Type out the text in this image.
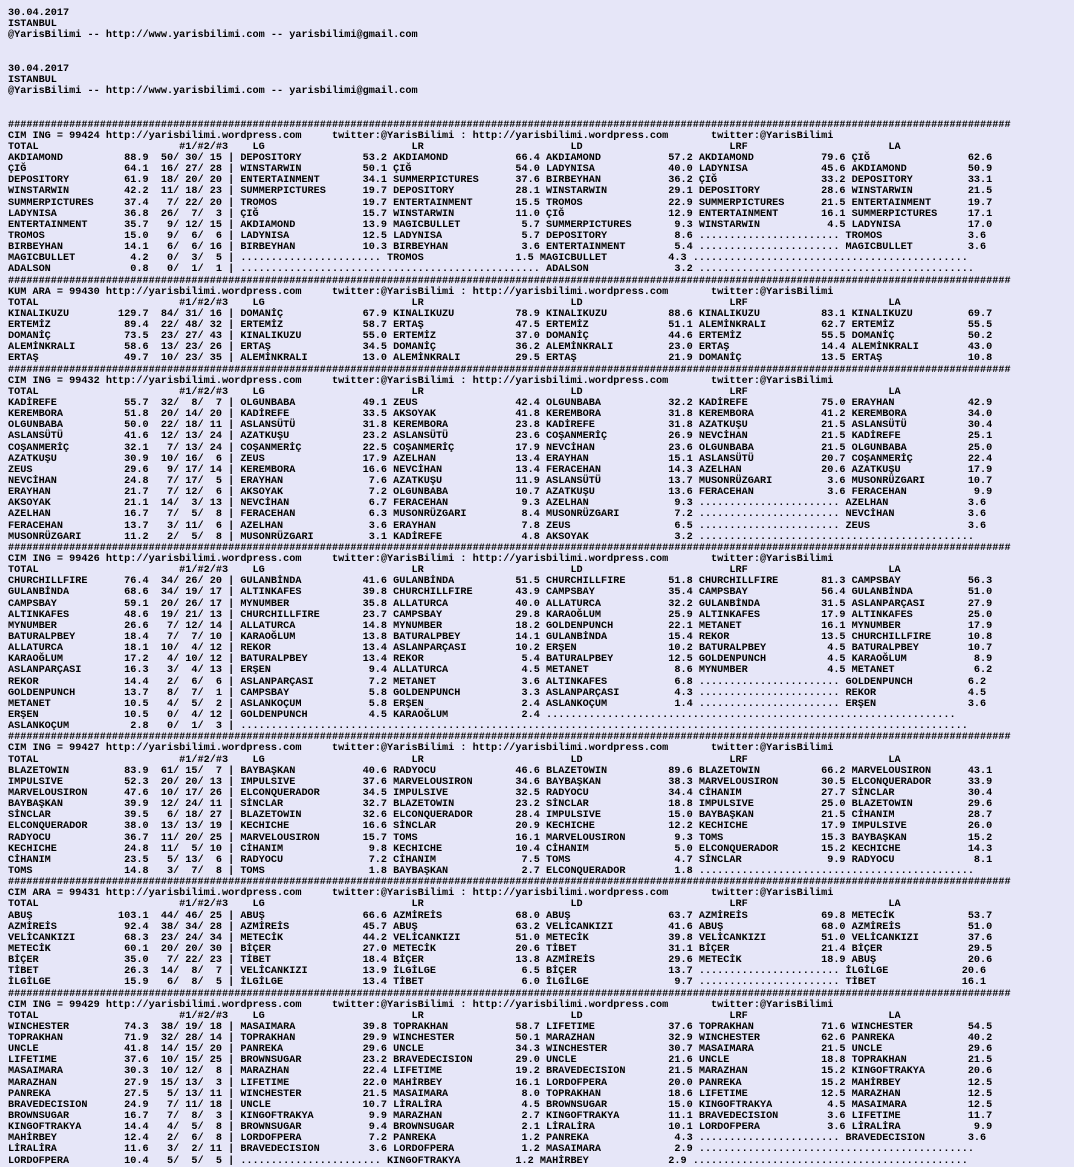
30.04.2017
ISTANBUL
@YarisBilimi -- http://www.yarisbilimi.com -- yarisbilimi@gmail.com
30.04.2017
ISTANBUL
@YarisBilimi -- http://www.yarisbilimi.com -- yarisbilimi@gmail.com
####################################################################################################################################################################
CIM ING = 99424 http://yarisbilimi.wordpress.com     twitter:@YarisBilimi : http://yarisbilimi.wordpress.com       twitter:@YarisBilimi
TOTAL                       #1/#2/#3    LG                        LR                        LD                        LRF                       LA
AKDIAMOND          88.9  50/ 30/ 15 | DEPOSITORY          53.2 AKDIAMOND           66.4 AKDIAMOND           57.2 AKDIAMOND           79.6 ÇIĞ                62.6
ÇIĞ                64.1  16/ 27/ 28 | WINSTARWIN          50.1 ÇIĞ                 54.0 LADYNISA            40.0 LADYNISA            45.6 AKDIAMOND          50.9
DEPOSITORY         61.9  18/ 20/ 20 | ENTERTAINMENT       34.1 SUMMERPICTURES      37.6 BIRBEYHAN           36.2 ÇIĞ                 33.2 DEPOSITORY         33.1
WINSTARWIN         42.2  11/ 18/ 23 | SUMMERPICTURES      19.7 DEPOSITORY          28.1 WINSTARWIN          29.1 DEPOSITORY          28.6 WINSTARWIN         21.5
SUMMERPICTURES     37.4   7/ 22/ 20 | TROMOS              19.7 ENTERTAINMENT       15.5 TROMOS              22.9 SUMMERPICTURES      21.5 ENTERTAINMENT      19.7
LADYNISA           36.8  26/  7/  3 | ÇIĞ                 15.7 WINSTARWIN          11.0 ÇIĞ                 12.9 ENTERTAINMENT       16.1 SUMMERPICTURES     17.1
ENTERTAINMENT      35.7   9/ 12/ 15 | AKDIAMOND           13.9 MAGICBULLET          5.7 SUMMERPICTURES       9.3 WINSTARWIN           4.5 LADYNISA           17.0
TROMOS             15.0   9/  6/  6 | LADYNISA            12.5 LADYNISA             5.7 DEPOSITORY           8.6 ....................... TROMOS              3.6
BIRBEYHAN          14.1   6/  6/ 16 | BIRBEYHAN           10.3 BIRBEYHAN            3.6 ENTERTAINMENT        5.4 ....................... MAGICBULLET         3.6
MAGICBULLET         4.2   0/  3/  5 | ....................... TROMOS               1.5 MAGICBULLET          4.3 .............................................
ADALSON             0.8   0/  1/  1 | ................................................. ADALSON              3.2 .............................................
####################################################################################################################################################################
KUM ARA = 99430 http://yarisbilimi.wordpress.com     twitter:@YarisBilimi : http://yarisbilimi.wordpress.com       twitter:@YarisBilimi
TOTAL                       #1/#2/#3    LG                        LR                        LD                        LRF                       LA
KINALIKUZU        129.7  84/ 31/ 16 | DOMANİÇ             67.9 KINALIKUZU          78.9 KINALIKUZU          88.6 KINALIKUZU          83.1 KINALIKUZU         69.7
ERTEMİZ            89.4  22/ 48/ 32 | ERTEMİZ             58.7 ERTAŞ               47.5 ERTEMİZ             51.1 ALEMİNKRALI         62.7 ERTEMİZ            55.5
DOMANİÇ            73.5  23/ 27/ 43 | KINALIKUZU          55.0 ERTEMİZ             37.0 DOMANİÇ             44.6 ERTEMİZ             55.5 DOMANİÇ            50.2
ALEMİNKRALI        58.6  13/ 23/ 26 | ERTAŞ               34.5 DOMANİÇ             36.2 ALEMİNKRALI         23.0 ERTAŞ               14.4 ALEMİNKRALI        43.0
ERTAŞ              49.7  10/ 23/ 35 | ALEMİNKRALI         13.0 ALEMİNKRALI         29.5 ERTAŞ               21.9 DOMANİÇ             13.5 ERTAŞ              10.8
####################################################################################################################################################################
CIM ING = 99432 http://yarisbilimi.wordpress.com     twitter:@YarisBilimi : http://yarisbilimi.wordpress.com       twitter:@YarisBilimi
TOTAL                       #1/#2/#3    LG                        LR                        LD                        LRF                       LA
KADİREFE           55.7  32/  8/  7 | OLGUNBABA           49.1 ZEUS                42.4 OLGUNBABA           32.2 KADİREFE            75.0 ERAYHAN            42.9
KEREMBORA          51.8  20/ 14/ 20 | KADİREFE            33.5 AKSOYAK             41.8 KEREMBORA           31.8 KEREMBORA           41.2 KEREMBORA          34.0
OLGUNBABA          50.0  22/ 18/ 11 | ASLANSÜTÜ           31.8 KEREMBORA           23.8 KADİREFE            31.8 AZATKUŞU            21.5 ASLANSÜTÜ          30.4
ASLANSÜTÜ          41.6  12/ 13/ 24 | AZATKUŞU            23.2 ASLANSÜTÜ           23.6 COŞANMERİÇ          26.9 NEVCİHAN            21.5 KADİREFE           25.1
COŞANMERİÇ         32.1   7/ 13/ 24 | COŞANMERİÇ          22.5 COŞANMERİÇ          17.9 NEVCİHAN            23.6 OLGUNBABA           21.5 OLGUNBABA          25.0
AZATKUŞU           30.9  10/ 16/  6 | ZEUS                17.9 AZELHAN             13.4 ERAYHAN             15.1 ASLANSÜTÜ           20.7 COŞANMERİÇ         22.4
ZEUS               29.6   9/ 17/ 14 | KEREMBORA           16.6 NEVCİHAN            13.4 FERACEHAN           14.3 AZELHAN             20.6 AZATKUŞU           17.9
NEVCİHAN           24.8   7/ 17/  5 | ERAYHAN              7.6 AZATKUŞU            11.9 ASLANSÜTÜ           13.7 MUSONRÜZGARI         3.6 MUSONRÜZGARI       10.7
ERAYHAN            21.7   7/ 12/  6 | AKSOYAK              7.2 OLGUNBABA           10.7 AZATKUŞU            13.6 FERACEHAN            3.6 FERACEHAN           9.9
AKSOYAK            21.1  14/  3/ 13 | NEVCİHAN             6.7 FERACEHAN            9.3 AZELHAN              9.3 ....................... AZELHAN             3.6
AZELHAN            16.7   7/  5/  8 | FERACEHAN            6.3 MUSONRÜZGARI         8.4 MUSONRÜZGARI         7.2 ....................... NEVCİHAN            3.6
FERACEHAN          13.7   3/ 11/  6 | AZELHAN              3.6 ERAYHAN              7.8 ZEUS                 6.5 ....................... ZEUS                3.6
MUSONRÜZGARI       11.2   2/  5/  8 | MUSONRÜZGARI         3.1 KADİREFE             4.8 AKSOYAK              3.2 .............................................
####################################################################################################################################################################
CIM ING = 99426 http://yarisbilimi.wordpress.com     twitter:@YarisBilimi : http://yarisbilimi.wordpress.com       twitter:@YarisBilimi
TOTAL                       #1/#2/#3    LG                        LR                        LD                        LRF                       LA
CHURCHILLFIRE      76.4  34/ 26/ 20 | GULANBİNDA          41.6 GULANBİNDA          51.5 CHURCHILLFIRE       51.8 CHURCHILLFIRE       81.3 CAMPSBAY           56.3
GULANBİNDA         68.6  34/ 19/ 17 | ALTINKAFES          39.8 CHURCHILLFIRE       43.9 CAMPSBAY            35.4 CAMPSBAY            56.4 GULANBİNDA         51.0
CAMPSBAY           59.1  20/ 26/ 17 | MYNUMBER            35.8 ALLATURCA           40.0 ALLATURCA           32.2 GULANBİNDA          31.5 ASLANPARÇASI       27.9
ALTINKAFES         48.6  19/ 21/ 13 | CHURCHILLFIRE       23.7 CAMPSBAY            29.8 KARAOĞLUM           25.9 ALTINKAFES          17.9 ALTINKAFES         25.0
MYNUMBER           26.6   7/ 12/ 14 | ALLATURCA           14.8 MYNUMBER            18.2 GOLDENPUNCH         22.1 METANET             16.1 MYNUMBER           17.9
BATURALPBEY        18.4   7/  7/ 10 | KARAOĞLUM           13.8 BATURALPBEY         14.1 GULANBİNDA          15.4 REKOR               13.5 CHURCHILLFIRE      10.8
ALLATURCA          18.1  10/  4/ 12 | REKOR               13.4 ASLANPARÇASI        10.2 ERŞEN               10.2 BATURALPBEY          4.5 BATURALPBEY        10.7
KARAOĞLUM          17.2   4/ 10/ 12 | BATURALPBEY         13.4 REKOR                5.4 BATURALPBEY         12.5 GOLDENPUNCH          4.5 KARAOĞLUM           8.9
ASLANPARÇASI       16.3   3/  4/ 13 | ERŞEN                9.4 ALLATURCA            4.5 METANET              8.6 MYNUMBER             4.5 METANET             6.2
REKOR              14.4   2/  6/  6 | ASLANPARÇASI         7.2 METANET              3.6 ALTINKAFES           6.8 ....................... GOLDENPUNCH         6.2
GOLDENPUNCH        13.7   8/  7/  1 | CAMPSBAY             5.8 GOLDENPUNCH          3.3 ASLANPARÇASI         4.3 ....................... REKOR               4.5
METANET            10.5   4/  5/  2 | ASLANKOÇUM           5.8 ERŞEN                2.4 ASLANKOÇUM           1.4 ....................... ERŞEN               3.6
ERŞEN              10.5   0/  4/ 12 | GOLDENPUNCH          4.5 KARAOĞLUM            2.4 ...................................................................
ASLANKOÇUM          2.8   0/  1/  3 | .......................................................................................................................
####################################################################################################################################################################
CIM ING = 99427 http://yarisbilimi.wordpress.com     twitter:@YarisBilimi : http://yarisbilimi.wordpress.com       twitter:@YarisBilimi
TOTAL                       #1/#2/#3    LG                        LR                        LD                        LRF                       LA
BLAZETOWIN         83.9  61/ 15/  7 | BAYBAŞKAN           40.6 RADYOCU             46.6 BLAZETOWIN          89.6 BLAZETOWIN          66.2 MARVELOUSIRON      43.1
IMPULSIVE          52.3  20/ 20/ 13 | IMPULSIVE           37.6 MARVELOUSIRON       34.6 BAYBAŞKAN           38.3 MARVELOUSIRON       30.5 ELCONQUERADOR      33.9
MARVELOUSIRON      47.6  10/ 17/ 26 | ELCONQUERADOR       34.5 IMPULSIVE           32.5 RADYOCU             34.4 CİHANIM             27.7 SİNCLAR            30.4
BAYBAŞKAN          39.9  12/ 24/ 11 | SİNCLAR             32.7 BLAZETOWIN          23.2 SİNCLAR             18.8 IMPULSIVE           25.0 BLAZETOWIN         29.6
SİNCLAR            39.5   6/ 18/ 27 | BLAZETOWIN          32.6 ELCONQUERADOR       28.4 IMPULSIVE           15.0 BAYBAŞKAN           21.5 CİHANIM            28.7
ELCONQUERADOR      38.0  13/ 13/ 19 | KECHICHE            16.6 SİNCLAR             20.9 KECHICHE            12.2 KECHICHE            17.9 IMPULSIVE          26.0
RADYOCU            36.7  11/ 20/ 25 | MARVELOUSIRON       15.7 TOMS                16.1 MARVELOUSIRON        9.3 TOMS                15.3 BAYBAŞKAN          15.2
KECHICHE           24.8  11/  5/ 10 | CİHANIM              9.8 KECHICHE            10.4 CİHANIM              5.0 ELCONQUERADOR       15.2 KECHICHE           14.3
CİHANIM            23.5   5/ 13/  6 | RADYOCU              7.2 CİHANIM              7.5 TOMS                 4.7 SİNCLAR              9.9 RADYOCU             8.1
TOMS               14.8   3/  7/  8 | TOMS                 1.8 BAYBAŞKAN            2.7 ELCONQUERADOR        1.8 .............................................
####################################################################################################################################################################
CIM ARA = 99431 http://yarisbilimi.wordpress.com     twitter:@YarisBilimi : http://yarisbilimi.wordpress.com       twitter:@YarisBilimi
TOTAL                       #1/#2/#3    LG                        LR                        LD                        LRF                       LA
ABUŞ              103.1  44/ 46/ 25 | ABUŞ                66.6 AZMİREİS            68.0 ABUŞ                63.7 AZMİREİS            69.8 METECİK            53.7
AZMİREİS           92.4  38/ 34/ 28 | AZMİREİS            45.7 ABUŞ                63.2 VELİCANKIZI         41.6 ABUŞ                68.0 AZMİREİS           51.0
VELİCANKIZI        68.3  23/ 24/ 34 | METECİK             44.2 VELİCANKIZI         51.0 METECİK             39.8 VELİCANKIZI         51.0 VELİCANKIZI        37.6
METECİK            60.1  20/ 20/ 30 | BİÇER               27.0 METECİK             20.6 TİBET               31.1 BİÇER               21.4 BİÇER              29.5
BİÇER              35.0   7/ 22/ 23 | TİBET               18.4 BİÇER               13.8 AZMİREİS            29.6 METECİK             18.9 ABUŞ               20.6
TİBET              26.3  14/  8/  7 | VELİCANKIZI         13.9 İLGİLGE              6.5 BİÇER               13.7 ....................... İLGİLGE            20.6
İLGİLGE            15.9   6/  8/  5 | İLGİLGE             13.4 TİBET                6.0 İLGİLGE              9.7 ....................... TİBET              16.1
####################################################################################################################################################################
CIM ING = 99429 http://yarisbilimi.wordpress.com     twitter:@YarisBilimi : http://yarisbilimi.wordpress.com       twitter:@YarisBilimi
TOTAL                       #1/#2/#3    LG                        LR                        LD                        LRF                       LA
WINCHESTER         74.3  38/ 19/ 18 | MASAIMARA           39.8 TOPRAKHAN           58.7 LIFETIME            37.6 TOPRAKHAN           71.6 WINCHESTER         54.5
TOPRAKHAN          71.9  32/ 28/ 14 | TOPRAKHAN           29.9 WINCHESTER          50.1 MARAZHAN            32.9 WINCHESTER          62.6 PANREKA            40.2
UNCLE              41.8  14/ 15/ 20 | PANREKA             29.6 UNCLE               34.3 WINCHESTER          30.7 MASAIMARA           21.5 UNCLE              29.6
LIFETIME           37.6  10/ 15/ 25 | BROWNSUGAR          23.2 BRAVEDECISION       29.0 UNCLE               21.6 UNCLE               18.8 TOPRAKHAN          21.5
MASAIMARA          30.3  10/ 12/  8 | MARAZHAN            22.4 LIFETIME            19.2 BRAVEDECISION       21.5 MARAZHAN            15.2 KINGOFTRAKYA       20.6
MARAZHAN           27.9  15/ 13/  3 | LIFETIME            22.0 MAHİRBEY            16.1 LORDOFPERA          20.0 PANREKA             15.2 MAHİRBEY           12.5
PANREKA            27.5   5/ 13/ 11 | WINCHESTER          21.5 MASAIMARA            8.0 TOPRAKHAN           18.6 LIFETIME            12.5 MARAZHAN           12.5
BRAVEDECISION      24.9   7/ 11/ 18 | UNCLE               10.7 LİRALİRA             4.5 BROWNSUGAR          15.0 KINGOFTRAKYA         4.5 MASAIMARA          12.5
BROWNSUGAR         16.7   7/  8/  3 | KINGOFTRAKYA         9.9 MARAZHAN             2.7 KINGOFTRAKYA        11.1 BRAVEDECISION        3.6 LIFETIME           11.7
KINGOFTRAKYA       14.4   4/  5/  8 | BROWNSUGAR           9.4 BROWNSUGAR           2.1 LİRALİRA            10.1 LORDOFPERA           3.6 LİRALİRA            9.9
MAHİRBEY           12.4   2/  6/  8 | LORDOFPERA           7.2 PANREKA              1.2 PANREKA              4.3 ....................... BRAVEDECISION       3.6
LİRALİRA           11.6   3/  2/ 11 | BRAVEDECISION        3.6 LORDOFPERA           1.2 MASAIMARA            2.9 .............................................
LORDOFPERA         10.4   5/  5/  5 | ....................... KINGOFTRAKYA         1.2 MAHİRBEY             2.9 .............................................
